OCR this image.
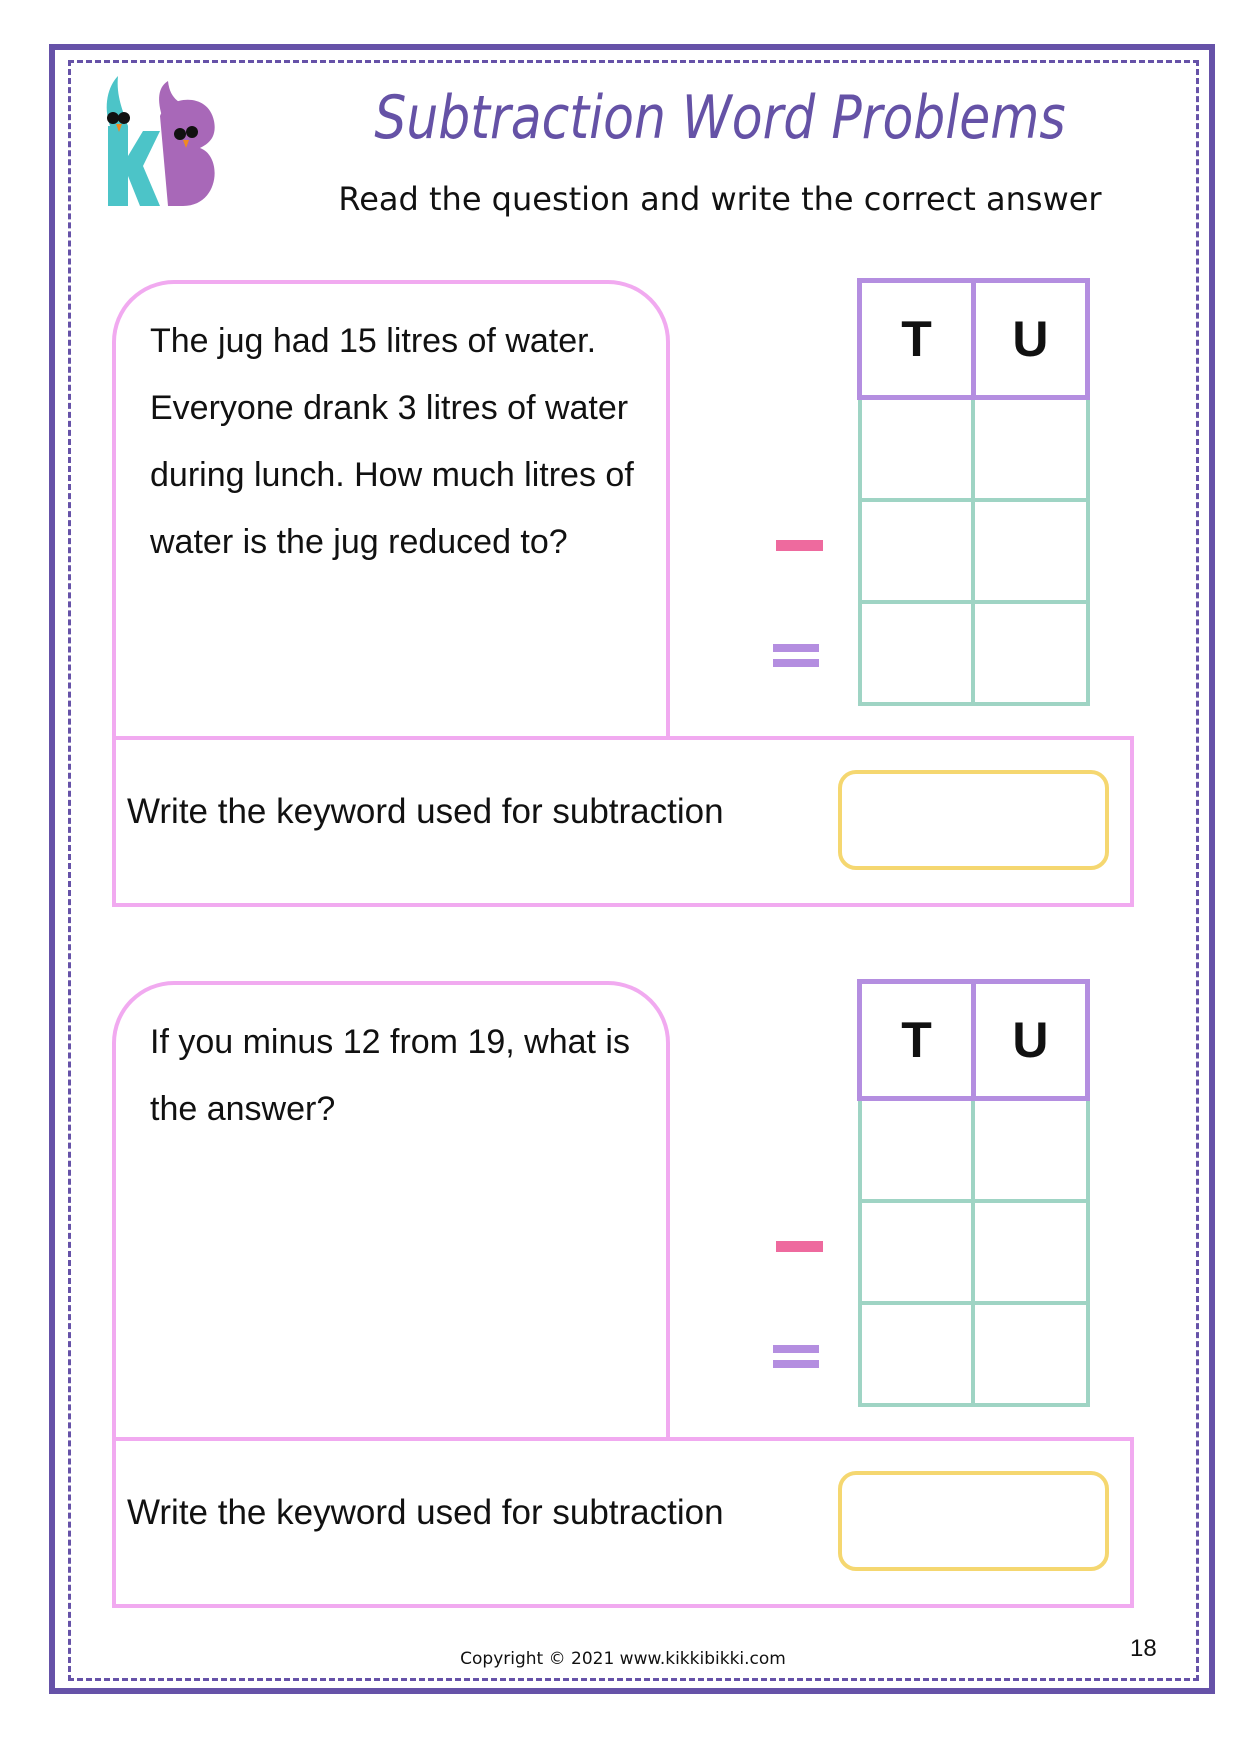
Subtraction Word Problems
Read the question and write the correct answer
The jug had 15 litres of water. Everyone drank 3 litres of water during lunch. How much litres of water is the jug reduced to?
Write the keyword used for subtraction
T	U

If you minus 12 from 19, what is the answer?
Write the keyword used for subtraction
T	U

Copyright © 2021 www.kikkibikki.com	18
